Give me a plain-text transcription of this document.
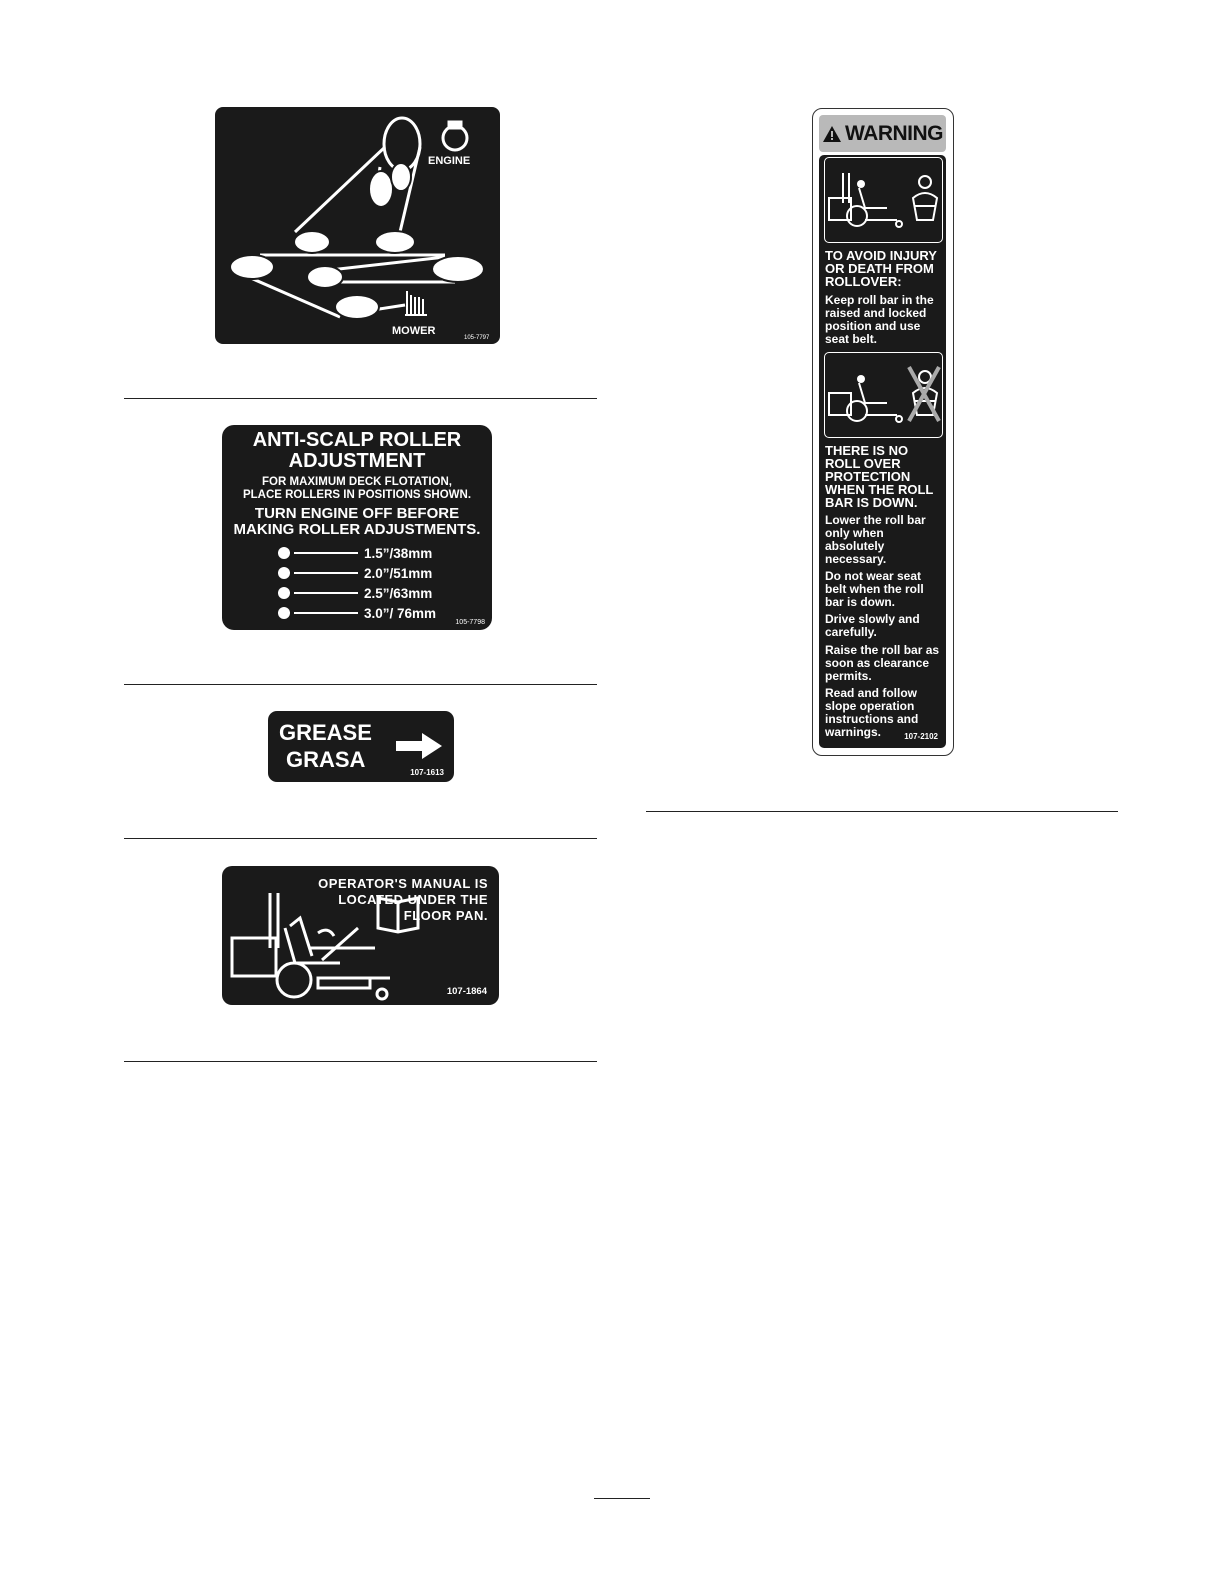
ENGINE
MOWER
105-7797
ANTI-SCALP ROLLER
ADJUSTMENT
FOR MAXIMUM DECK FLOTATION,
PLACE ROLLERS IN POSITIONS SHOWN.
TURN ENGINE OFF BEFORE
MAKING ROLLER ADJUSTMENTS.
1.5”/38mm
2.0”/51mm
2.5”/63mm
3.0”/ 76mm
105-7798
GREASE
GRASA
107-1613
OPERATOR'S MANUAL IS
LOCATED UNDER THE
FLOOR PAN.
107-1864
WARNING
TO AVOID INJURY
OR DEATH FROM
ROLLOVER:
Keep roll bar in the
raised and locked
position and use
seat belt.
THERE IS NO
ROLL OVER
PROTECTION
WHEN THE ROLL
BAR IS DOWN.
Lower the roll bar
only when
absolutely
necessary.
Do not wear seat
belt when the roll
bar is down.
Drive slowly and
carefully.
Raise the roll bar as
soon as clearance
permits.
Read and follow
slope operation
instructions and
warnings.	107-2102
